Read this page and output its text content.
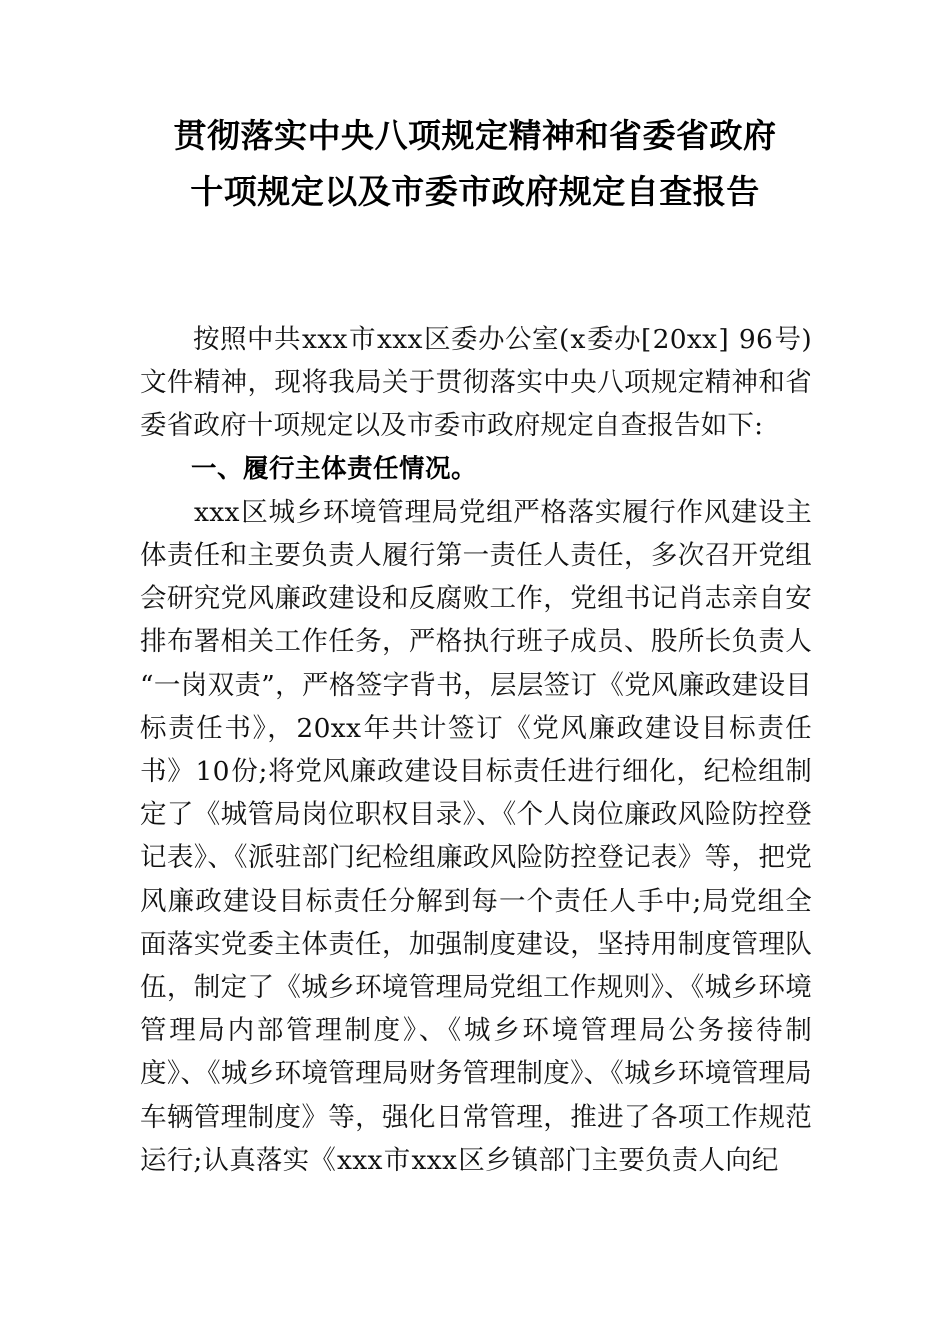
贯彻落实中央八项规定精神和省委省政府
十项规定以及市委市政府规定自查报告

按照中共xxx市xxx区委办公室(x委办[20xx] 96号)文件精神，现将我局关于贯彻落实中央八项规定精神和省委省政府十项规定以及市委市政府规定自查报告如下:

一、履行主体责任情况。

xxx区城乡环境管理局党组严格落实履行作风建设主体责任和主要负责人履行第一责任人责任，多次召开党组会研究党风廉政建设和反腐败工作，党组书记肖志亲自安排布署相关工作任务，严格执行班子成员、股所长负责人“一岗双责”，严格签字背书，层层签订《党风廉政建设目标责任书》，20xx年共计签订《党风廉政建设目标责任书》10份;将党风廉政建设目标责任进行细化，纪检组制定了《城管局岗位职权目录》、《个人岗位廉政风险防控登记表》、《派驻部门纪检组廉政风险防控登记表》等，把党风廉政建设目标责任分解到每一个责任人手中;局党组全面落实党委主体责任，加强制度建设，坚持用制度管理队伍，制定了《城乡环境管理局党组工作规则》、《城乡环境管理局内部管理制度》、《城乡环境管理局公务接待制度》、《城乡环境管理局财务管理制度》、《城乡环境管理局车辆管理制度》等，强化日常管理，推进了各项工作规范运行;认真落实《xxx市xxx区乡镇部门主要负责人向纪
